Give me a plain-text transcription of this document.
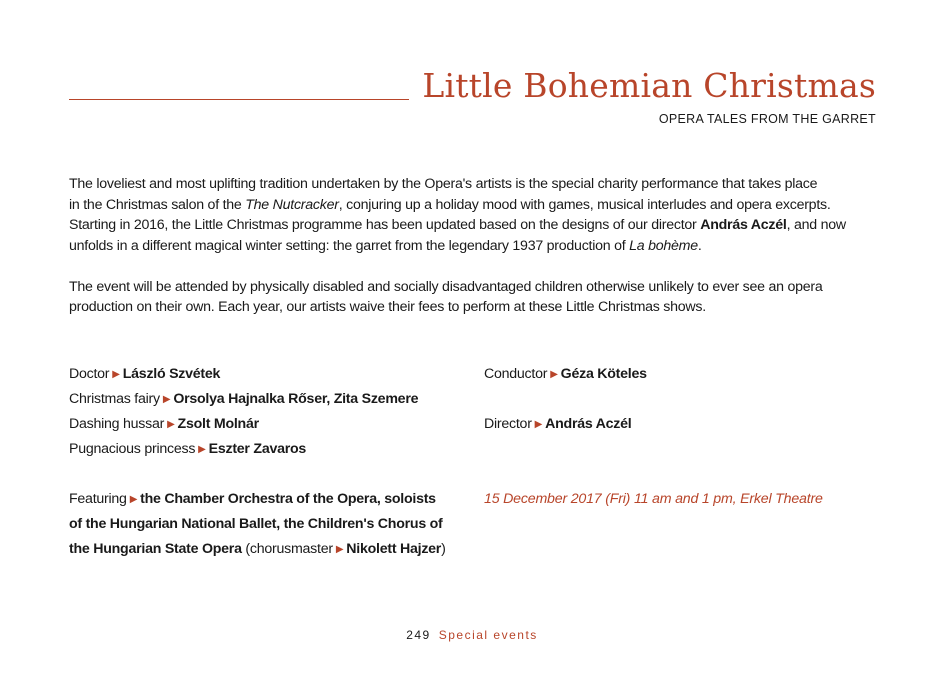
Little Bohemian Christmas
OPERA TALES FROM THE GARRET

The loveliest and most uplifting tradition undertaken by the Opera's artists is the special charity performance that takes place
in the Christmas salon of the The Nutcracker, conjuring up a holiday mood with games, musical interludes and opera excerpts.
Starting in 2016, the Little Christmas programme has been updated based on the designs of our director András Aczél, and now
unfolds in a different magical winter setting: the garret from the legendary 1937 production of La bohème.

The event will be attended by physically disabled and socially disadvantaged children otherwise unlikely to ever see an opera
production on their own. Each year, our artists waive their fees to perform at these Little Christmas shows.

Doctor ▶ László Szvétek
Christmas fairy ▶ Orsolya Hajnalka Rőser, Zita Szemere
Dashing hussar ▶ Zsolt Molnár
Pugnacious princess ▶ Eszter Zavaros
Conductor ▶ Géza Köteles
Director ▶ András Aczél
Featuring ▶ the Chamber Orchestra of the Opera, soloists
of the Hungarian National Ballet, the Children's Chorus of
the Hungarian State Opera (chorusmaster ▶ Nikolett Hajzer)
15 December 2017 (Fri) 11 am and 1 pm, Erkel Theatre
249 Special events
